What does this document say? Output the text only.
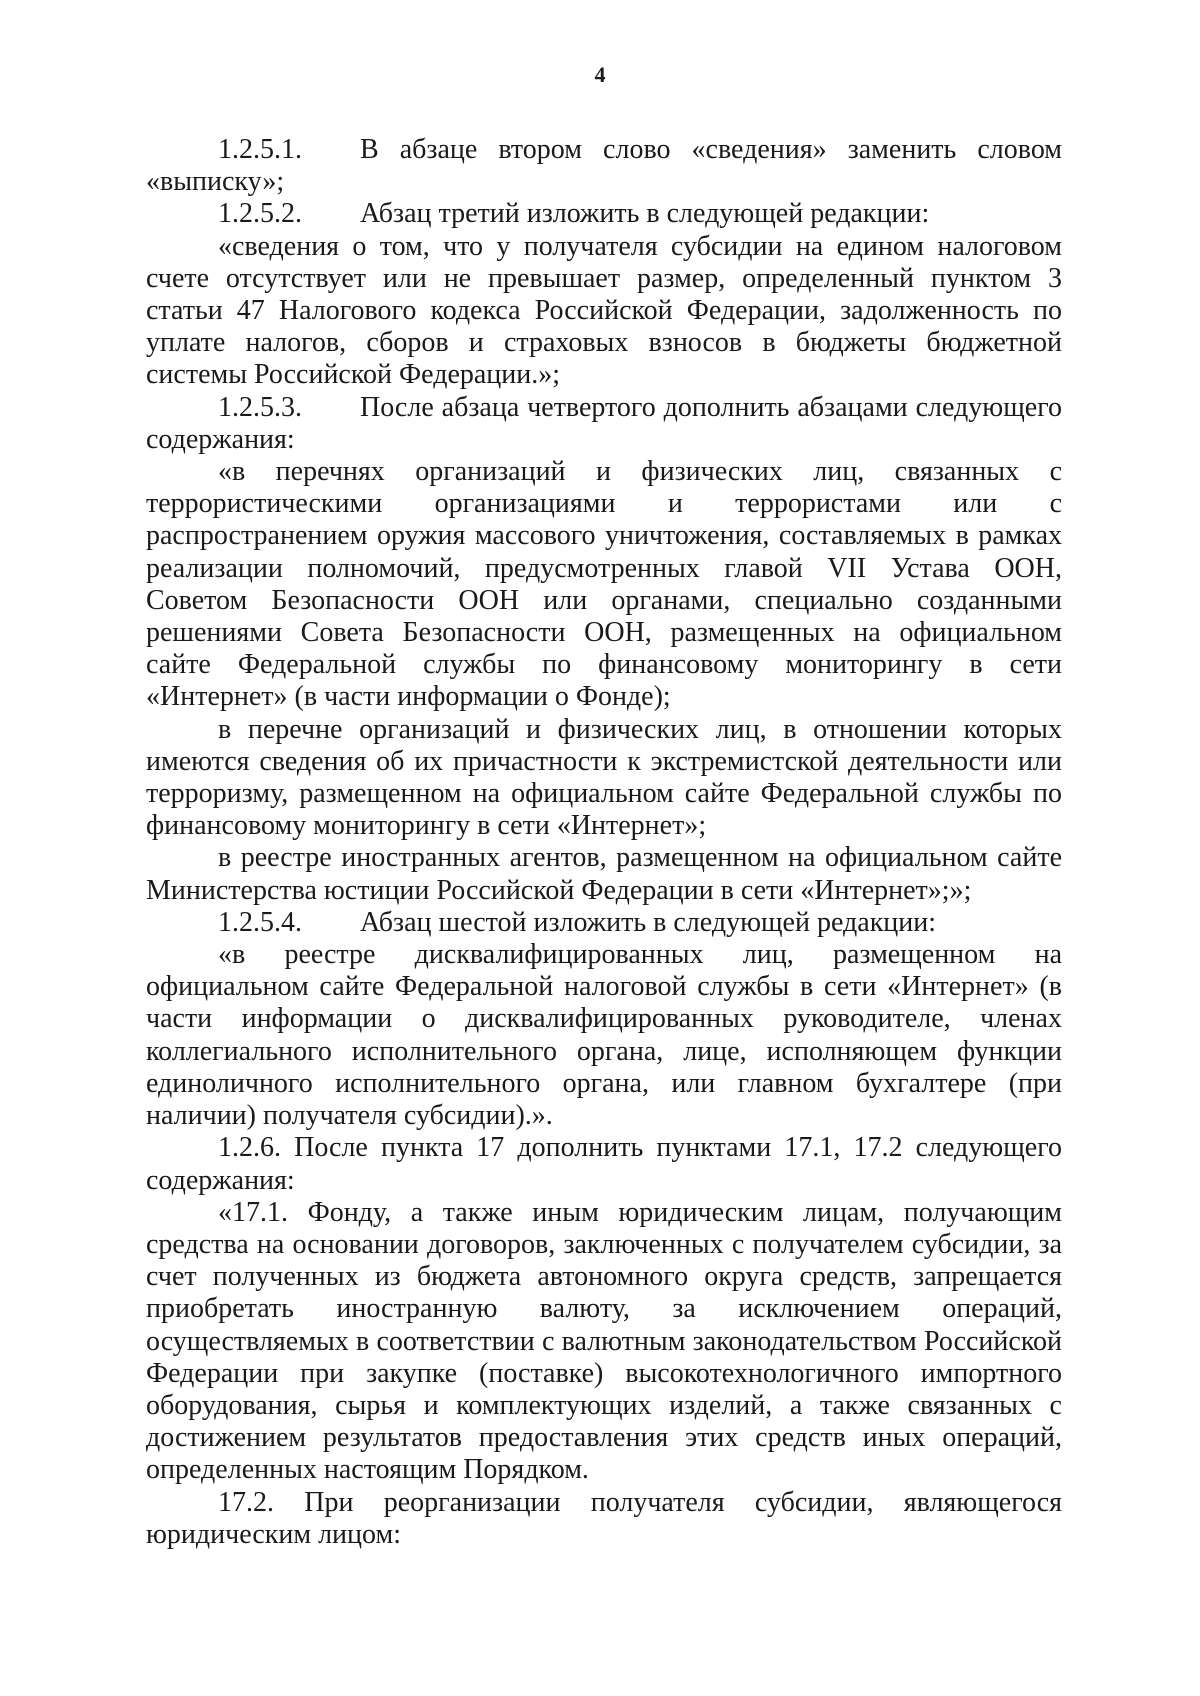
4

1.2.5.1. В абзаце втором слово «сведения» заменить словом «выписку»;

1.2.5.2. Абзац третий изложить в следующей редакции:

«сведения о том, что у получателя субсидии на едином налоговом счете отсутствует или не превышает размер, определенный пунктом 3 статьи 47 Налогового кодекса Российской Федерации, задолженность по уплате налогов, сборов и страховых взносов в бюджеты бюджетной системы Российской Федерации.»;

1.2.5.3. После абзаца четвертого дополнить абзацами следующего содержания:

«в перечнях организаций и физических лиц, связанных с террористическими организациями и террористами или с распространением оружия массового уничтожения, составляемых в рамках реализации полномочий, предусмотренных главой VII Устава ООН, Советом Безопасности ООН или органами, специально созданными решениями Совета Безопасности ООН, размещенных на официальном сайте Федеральной службы по финансовому мониторингу в сети «Интернет» (в части информации о Фонде);

в перечне организаций и физических лиц, в отношении которых имеются сведения об их причастности к экстремистской деятельности или терроризму, размещенном на официальном сайте Федеральной службы по финансовому мониторингу в сети «Интернет»;

в реестре иностранных агентов, размещенном на официальном сайте Министерства юстиции Российской Федерации в сети «Интернет»;»;

1.2.5.4. Абзац шестой изложить в следующей редакции:

«в реестре дисквалифицированных лиц, размещенном на официальном сайте Федеральной налоговой службы в сети «Интернет» (в части информации о дисквалифицированных руководителе, членах коллегиального исполнительного органа, лице, исполняющем функции единоличного исполнительного органа, или главном бухгалтере (при наличии) получателя субсидии).».

1.2.6. После пункта 17 дополнить пунктами 17.1, 17.2 следующего содержания:

«17.1. Фонду, а также иным юридическим лицам, получающим средства на основании договоров, заключенных с получателем субсидии, за счет полученных из бюджета автономного округа средств, запрещается приобретать иностранную валюту, за исключением операций, осуществляемых в соответствии с валютным законодательством Российской Федерации при закупке (поставке) высокотехнологичного импортного оборудования, сырья и комплектующих изделий, а также связанных с достижением результатов предоставления этих средств иных операций, определенных настоящим Порядком.

17.2. При реорганизации получателя субсидии, являющегося юридическим лицом:
